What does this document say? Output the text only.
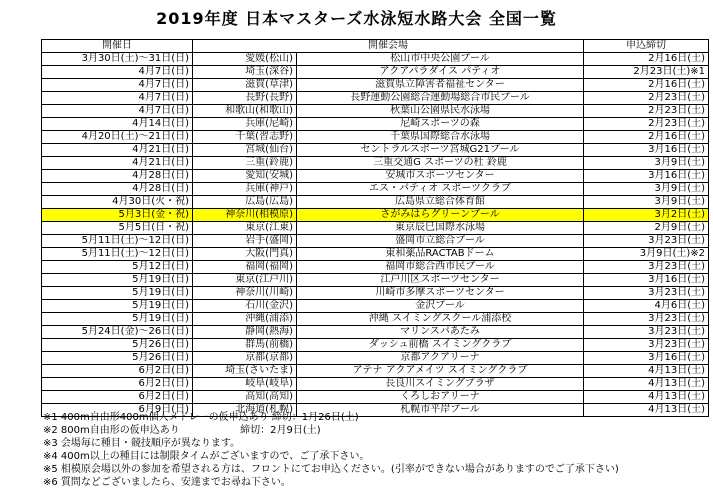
2019年度 日本マスターズ水泳短水路大会 全国一覧
開催日	開催会場		申込締切
3月30日(土)～31日(日)	愛媛(松山)	松山市中央公園プール	2月16日(土)
4月7日(日)	埼玉(深谷)	アクアパラダイス パティオ	2月23日(土)※1
4月7日(日)	滋賀(草津)	滋賀県立障害者福祉センター	2月16日(土)
4月7日(日)	長野(長野)	長野運動公園総合運動場総合市民プール	2月23日(土)
4月7日(日)	和歌山(和歌山)	秋葉山公園県民水泳場	2月23日(土)
4月14日(日)	兵庫(尼崎)	尼崎スポーツの森	2月23日(土)
4月20日(土)～21日(日)	千葉(習志野)	千葉県国際総合水泳場	2月16日(土)
4月21日(日)	宮城(仙台)	セントラルスポーツ宮城G21プール	3月16日(土)
4月21日(日)	三重(鈴鹿)	三重交通G スポーツの杜 鈴鹿	3月9日(土)
4月28日(日)	愛知(安城)	安城市スポーツセンター	3月16日(土)
4月28日(日)	兵庫(神戸)	エス・パティオ スポーツクラブ	3月9日(土)
4月30日(火・祝)	広島(広島)	広島県立総合体育館	3月9日(土)
5月3日(金・祝)	神奈川(相模原)	さがみはらグリーンプール	3月2日(土)
5月5日(日・祝)	東京(江東)	東京辰巳国際水泳場	2月9日(土)
5月11日(土)～12日(日)	岩手(盛岡)	盛岡市立総合プール	3月23日(土)
5月11日(土)～12日(日)	大阪(門真)	東和薬品RACTABドーム	3月9日(土)※2
5月12日(日)	福岡(福岡)	福岡市総合西市民プール	3月23日(土)
5月19日(日)	東京(江戸川)	江戸川区スポーツセンター	3月16日(土)
5月19日(日)	神奈川(川崎)	川崎市多摩スポーツセンター	3月23日(土)
5月19日(日)	石川(金沢)	金沢プール	4月6日(土)
5月19日(日)	沖縄(浦添)	沖縄 スイミングスクール浦添校	3月23日(土)
5月24日(金)～26日(日)	静岡(熱海)	マリンスパあたみ	3月23日(土)
5月26日(日)	群馬(前橋)	ダッシュ前橋 スイミングクラブ	3月23日(土)
5月26日(日)	京都(京都)	京都アクアリーナ	3月16日(土)
6月2日(日)	埼玉(さいたま)	アテナ アクアメイツ スイミングクラブ	4月13日(土)
6月2日(日)	岐阜(岐阜)	長良川スイミングプラザ	4月13日(土)
6月2日(日)	高知(高知)	くろしおアリーナ	4月13日(土)
6月9日(日)	北海道(札幌)	札幌市平岸プール	4月13日(土)
※1 400m自由形400m個人メドレーの仮申込あり 締切：1月26日(土)
※2 800m自由形の仮申込あり                   締切：2月9日(土)
※3 会場毎に種目・競技順序が異なります。
※4 400m以上の種目には制限タイムがございますので、ご了承下さい。
※5 相模原会場以外の参加を希望される方は、フロントにてお申込ください。(引率ができない場合がありますのでご了承下さい)
※6 質問などございましたら、安達までお尋ね下さい。
